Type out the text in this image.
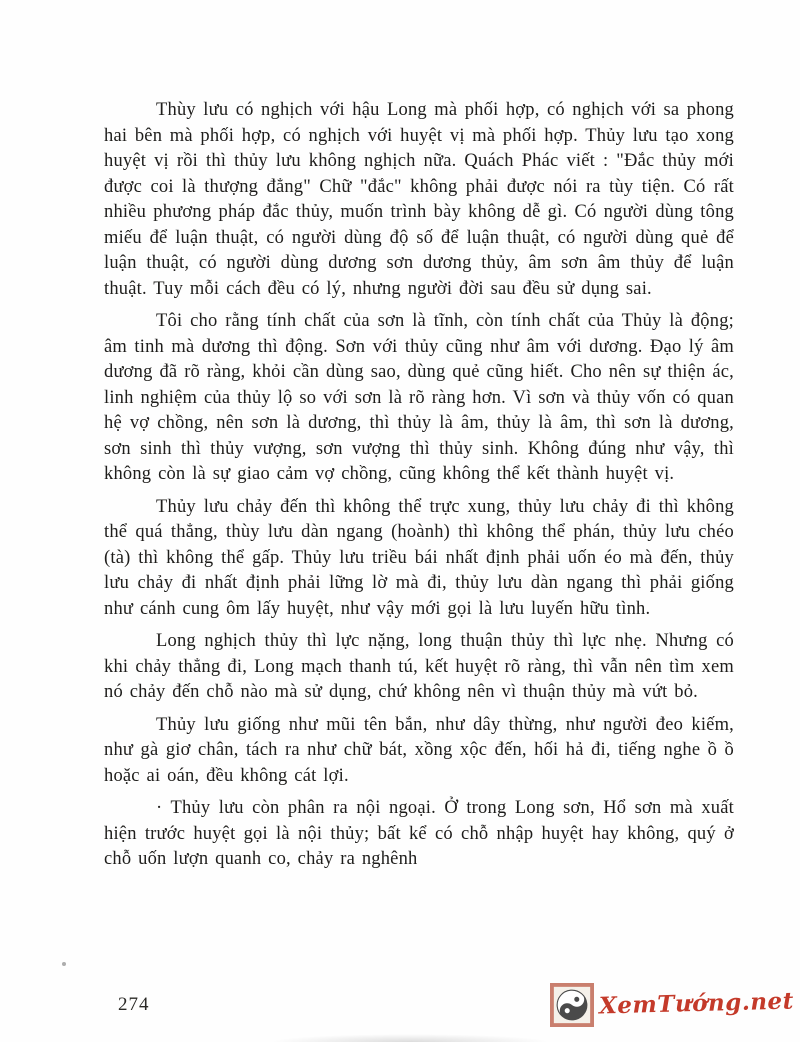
Thùy lưu có nghịch với hậu Long mà phối hợp, có nghịch với sa phong hai bên mà phối hợp, có nghịch với huyệt vị mà phối hợp. Thủy lưu tạo xong huyệt vị rồi thì thủy lưu không nghịch nữa. Quách Phác viết : "Đắc thủy mới được coi là thượng đẳng" Chữ "đắc" không phải được nói ra tùy tiện. Có rất nhiều phương pháp đắc thủy, muốn trình bày không dễ gì. Có người dùng tông miếu để luận thuật, có người dùng độ số để luận thuật, có người dùng quẻ để luận thuật, có người dùng dương sơn dương thủy, âm sơn âm thủy để luận thuật. Tuy mỗi cách đều có lý, nhưng người đời sau đều sử dụng sai.

Tôi cho rằng tính chất của sơn là tĩnh, còn tính chất của Thủy là động; âm tinh mà dương thì động. Sơn với thủy cũng như âm với dương. Đạo lý âm dương đã rõ ràng, khỏi cần dùng sao, dùng quẻ cũng hiết. Cho nên sự thiện ác, linh nghiệm của thủy lộ so với sơn là rõ ràng hơn. Vì sơn và thủy vốn có quan hệ vợ chồng, nên sơn là dương, thì thủy là âm, thủy là âm, thì sơn là dương, sơn sinh thì thủy vượng, sơn vượng thì thủy sinh. Không đúng như vậy, thì không còn là sự giao cảm vợ chồng, cũng không thể kết thành huyệt vị.

Thủy lưu chảy đến thì không thể trực xung, thủy lưu chảy đi thì không thể quá thẳng, thùy lưu dàn ngang (hoành) thì không thể phán, thủy lưu chéo (tà) thì không thể gấp. Thủy lưu triều bái nhất định phải uốn éo mà đến, thủy lưu chảy đi nhất định phải lững lờ mà đi, thủy lưu dàn ngang thì phải giống như cánh cung ôm lấy huyệt, như vậy mới gọi là lưu luyến hữu tình.

Long nghịch thủy thì lực nặng, long thuận thủy thì lực nhẹ. Nhưng có khi chảy thẳng đi, Long mạch thanh tú, kết huyệt rõ ràng, thì vẫn nên tìm xem nó chảy đến chỗ nào mà sử dụng, chứ không nên vì thuận thủy mà vứt bỏ.

Thủy lưu giống như mũi tên bắn, như dây thừng, như người đeo kiếm, như gà giơ chân, tách ra như chữ bát, xồng xộc đến, hối hả đi, tiếng nghe ồ ồ hoặc ai oán, đều không cát lợi.

· Thủy lưu còn phân ra nội ngoại. Ở trong Long sơn, Hổ sơn mà xuất hiện trước huyệt gọi là nội thủy; bất kể có chỗ nhập huyệt hay không, quý ở chỗ uốn lượn quanh co, chảy ra nghênh

274	XemTướng.net
